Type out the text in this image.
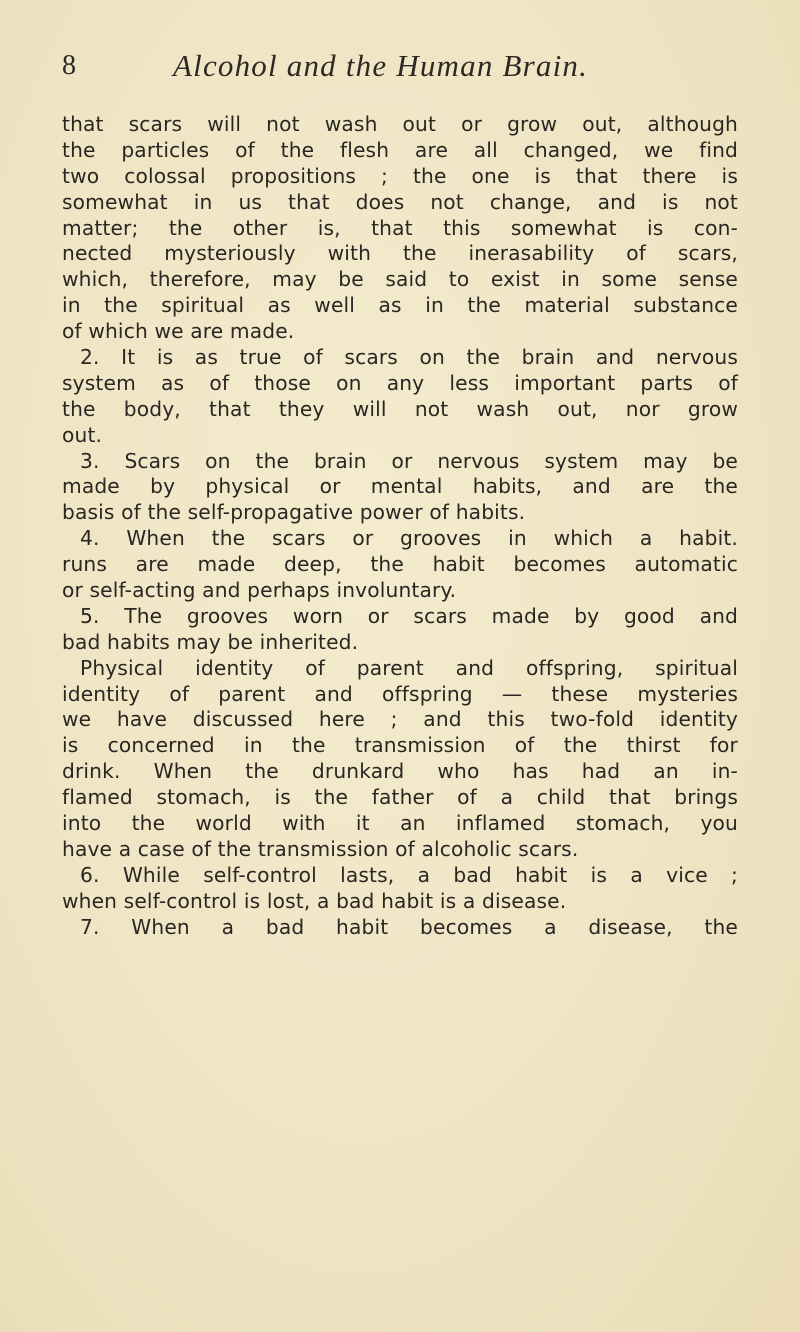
8	Alcohol and the Human Brain.
that scars will not wash out or grow out, although
the particles of the flesh are all changed, we find
two colossal propositions ; the one is that there is
somewhat in us that does not change, and is not
matter; the other is, that this somewhat is con-
nected mysteriously with the inerasability of scars,
which, therefore, may be said to exist in some sense
in the spiritual as well as in the material substance
of which we are made.
2. It is as true of scars on the brain and nervous
system as of those on any less important parts of
the body, that they will not wash out, nor grow
out.
3. Scars on the brain or nervous system may be
made by physical or mental habits, and are the
basis of the self-propagative power of habits.
4. When the scars or grooves in which a habit.
runs are made deep, the habit becomes automatic
or self-acting and perhaps involuntary.
5. The grooves worn or scars made by good and
bad habits may be inherited.
Physical identity of parent and offspring, spiritual
identity of parent and offspring — these mysteries
we have discussed here ; and this two-fold identity
is concerned in the transmission of the thirst for
drink. When the drunkard who has had an in-
flamed stomach, is the father of a child that brings
into the world with it an inflamed stomach, you
have a case of the transmission of alcoholic scars.
6. While self-control lasts, a bad habit is a vice ;
when self-control is lost, a bad habit is a disease.
7. When a bad habit becomes a disease, the
